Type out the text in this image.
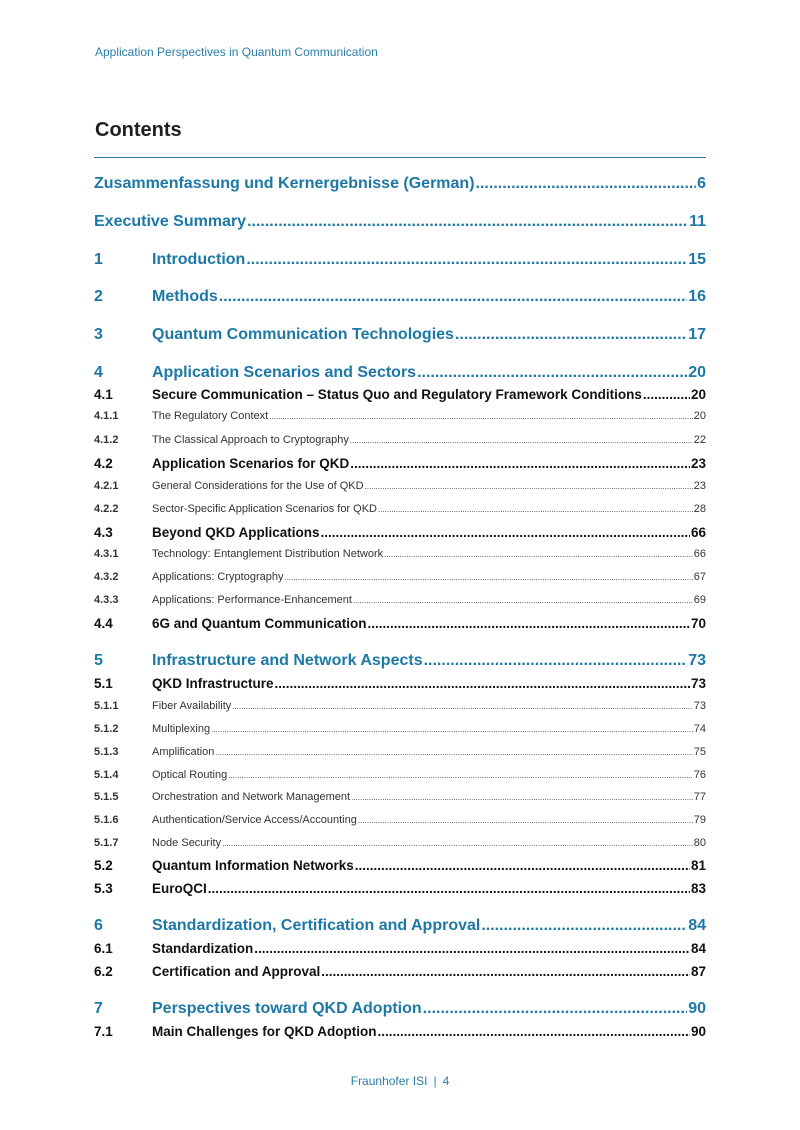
Application Perspectives in Quantum Communication
Contents
Zusammenfassung und Kernergebnisse (German) .....	6
Executive Summary .....	11
1	Introduction .....	15
2	Methods .....	16
3	Quantum Communication Technologies .....	17
4	Application Scenarios and Sectors .....	20
4.1	Secure Communication – Status Quo and Regulatory Framework Conditions .....	20
4.1.1	The Regulatory Context .....	20
4.1.2	The Classical Approach to Cryptography .....	22
4.2	Application Scenarios for QKD .....	23
4.2.1	General Considerations for the Use of QKD .....	23
4.2.2	Sector-Specific Application Scenarios for QKD .....	28
4.3	Beyond QKD Applications .....	66
4.3.1	Technology: Entanglement Distribution Network .....	66
4.3.2	Applications: Cryptography .....	67
4.3.3	Applications: Performance-Enhancement .....	69
4.4	6G and Quantum Communication .....	70
5	Infrastructure and Network Aspects .....	73
5.1	QKD Infrastructure .....	73
5.1.1	Fiber Availability .....	73
5.1.2	Multiplexing .....	74
5.1.3	Amplification .....	75
5.1.4	Optical Routing .....	76
5.1.5	Orchestration and Network Management .....	77
5.1.6	Authentication/Service Access/Accounting .....	79
5.1.7	Node Security .....	80
5.2	Quantum Information Networks .....	81
5.3	EuroQCI .....	83
6	Standardization, Certification and Approval .....	84
6.1	Standardization .....	84
6.2	Certification and Approval .....	87
7	Perspectives toward QKD Adoption .....	90
7.1	Main Challenges for QKD Adoption .....	90
Fraunhofer ISI | 4
